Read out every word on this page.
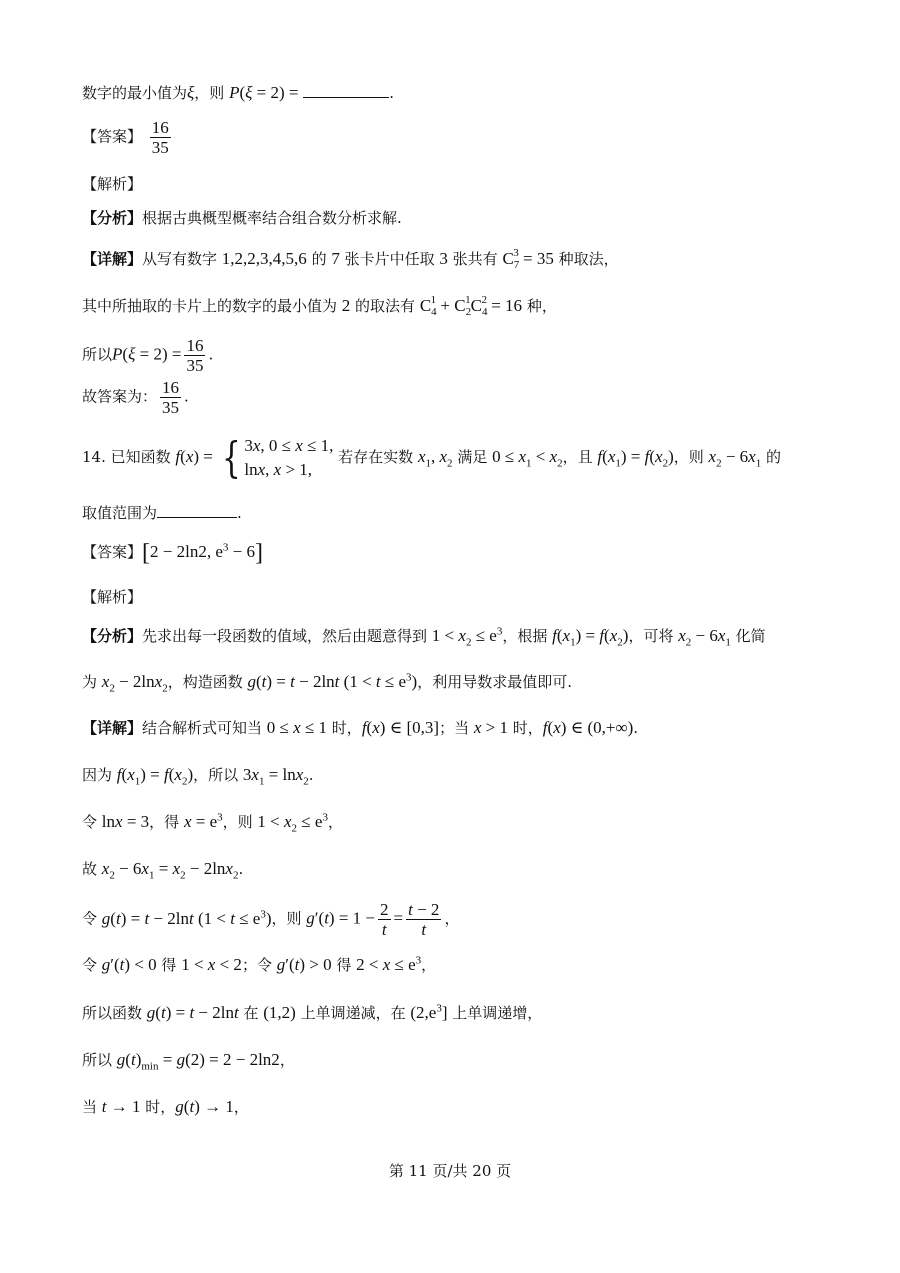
数字的最小值为ξ，则 P(ξ = 2) =	.
【答案】 $\frac{16}{35}$
【解析】
【分析】根据古典概型概率结合组合数分析求解.
【详解】从写有数字 1,2,2,3,4,5,6 的 7 张卡片中任取 3 张共有 $C_7^3 = 35$ 种取法，
其中所抽取的卡片上的数字的最小值为 2 的取法有 $C_4^1 + C_2^1C_4^2 = 16$ 种，
所以$P(\xi = 2) = \frac{16}{35}$ .
故答案为： $\frac{16}{35}$ .
14. 已知函数 f(x) = { 3x, 0 ≤ x ≤ 1,
lnx, x > 1,
若存在实数 $x_1$, $x_2$ 满足 $0 \le x_1 < x_2$，且 $f(x_1) = f(x_2)$，则 $x_2 - 6x_1$ 的
取值范围为	.
【答案】[2 − 2ln2, $e^3 - 6$]
【解析】
【分析】先求出每一段函数的值域，然后由题意得到 $1 < x_2 \le e^3$，根据 $f(x_1) = f(x_2)$，可将 $x_2 - 6x_1$ 化简
为 $x_2 - 2\ln x_2$，构造函数 g(t) = t − 2lnt $(1 < t \le e^3)$，利用导数求最值即可.
【详解】结合解析式可知当 0 ≤ x ≤ 1 时，f(x) ∈ [0,3]；当 x > 1 时，f(x) ∈ (0,+∞).
因为 $f(x_1) = f(x_2)$，所以 $3x_1 = \ln x_2$.
令 lnx = 3，得 $x = e^3$，则 $1 < x_2 \le e^3$，
故 $x_2 - 6x_1 = x_2 - 2\ln x_2$.
令 g(t) = t − 2lnt $(1 < t \le e^3)$，则 $g'(t) = 1 - \frac{2}{t} = \frac{t - 2}{t}$ ，
令 g′(t) < 0 得 1 < x < 2；令 g′(t) > 0 得 $2 < x \le e^3$，
所以函数 g(t) = t − 2lnt 在 (1,2) 上单调递减，在 $(2,e^3]$ 上单调递增，
所以 $g(t)_{min} = g(2) = 2 - 2\ln 2$，
当 t → 1 时，g(t) → 1，
第 11 页/共 20 页
